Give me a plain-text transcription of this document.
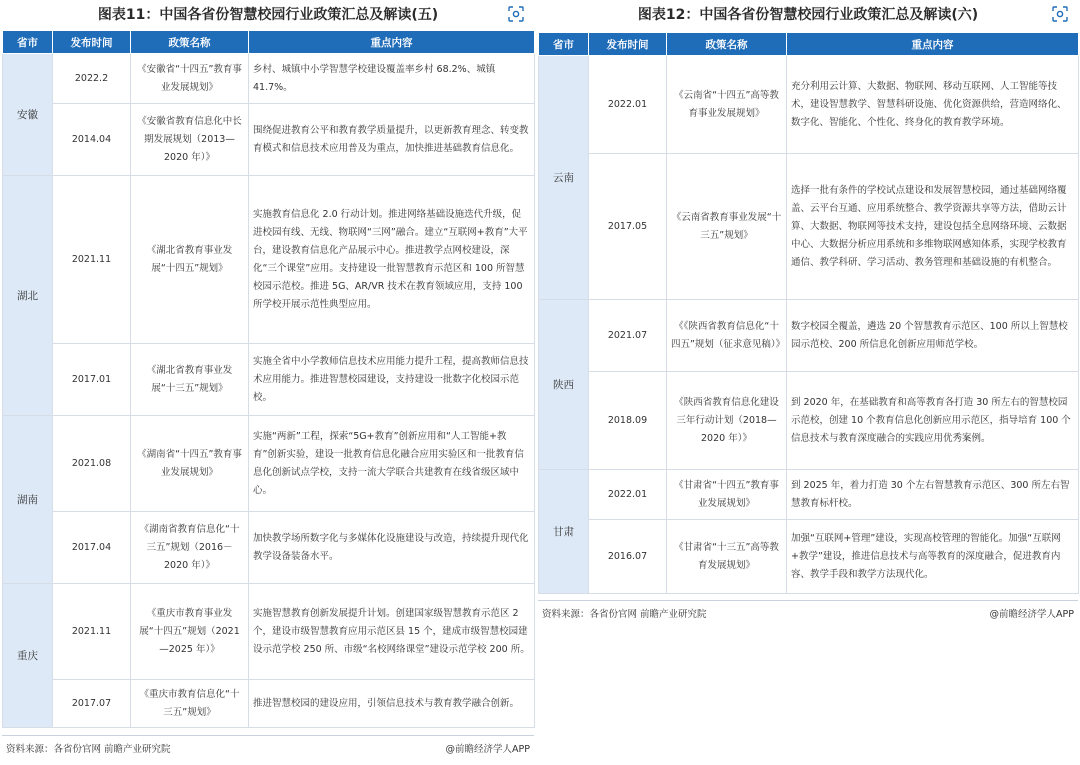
图表11：中国各省份智慧校园行业政策汇总及解读(五)
省市	发布时间	政策名称	重点内容
安徽	2022.2	《安徽省“十四五”教育事业发展规划》	乡村、城镇中小学智慧学校建设覆盖率乡村 68.2%、城镇 41.7%。
	2014.04	《安徽省教育信息化中长期发展规划（2013—2020 年）》	围绕促进教育公平和教育教学质量提升，以更新教育理念、转变教育模式和信息技术应用普及为重点，加快推进基础教育信息化。
湖北	2021.11	《湖北省教育事业发展“十四五”规划》	实施教育信息化 2.0 行动计划。推进网络基础设施迭代升级，促进校园有线、无线、物联网“三网”融合。建立“互联网+教育”大平台，建设教育信息化产品展示中心。推进教学点网校建设，深化“三个课堂”应用。支持建设一批智慧教育示范区和 100 所智慧校园示范校。推进 5G、AR/VR 技术在教育领域应用，支持 100 所学校开展示范性典型应用。
	2017.01	《湖北省教育事业发展“十三五”规划》	实施全省中小学教师信息技术应用能力提升工程，提高教师信息技术应用能力。推进智慧校园建设，支持建设一批数字化校园示范校。
湖南	2021.08	《湖南省“十四五”教育事业发展规划》	实施“两新”工程，探索“5G+教育”创新应用和“人工智能+教育”创新实验，建设一批教育信息化融合应用实验区和一批教育信息化创新试点学校，支持一流大学联合共建教育在线省级区域中心。
	2017.04	《湖南省教育信息化“十三五”规划（2016－2020 年）》	加快教学场所数字化与多媒体化设施建设与改造，持续提升现代化教学设备装备水平。
重庆	2021.11	《重庆市教育事业发展“十四五”规划（2021—2025 年）》	实施智慧教育创新发展提升计划。创建国家级智慧教育示范区 2 个，建设市级智慧教育应用示范区县 15 个，建成市级智慧校园建设示范学校 250 所、市级“名校网络课堂”建设示范学校 200 所。
	2017.07	《重庆市教育信息化“十三五”规划》	推进智慧校园的建设应用，引领信息技术与教育教学融合创新。
资料来源：各省份官网 前瞻产业研究院	@前瞻经济学人APP
图表12：中国各省份智慧校园行业政策汇总及解读(六)
省市	发布时间	政策名称	重点内容
云南	2022.01	《云南省“十四五”高等教育事业发展规划》	充分利用云计算、大数据、物联网、移动互联网、人工智能等技术，建设智慧教学、智慧科研设施、优化资源供给，营造网络化、数字化、智能化、个性化、终身化的教育教学环境。
	2017.05	《云南省教育事业发展“十三五”规划》	选择一批有条件的学校试点建设和发展智慧校园，通过基础网络覆盖、云平台互通、应用系统整合、教学资源共享等方法，借助云计算、大数据、物联网等技术支持，建设包括全息网络环境、云数据中心、大数据分析应用系统和多维物联网感知体系，实现学校教育通信、教学科研、学习活动、教务管理和基础设施的有机整合。
陕西	2021.07	《《陕西省教育信息化“十四五”规划（征求意见稿）》	数字校园全覆盖，遴选 20 个智慧教育示范区、100 所以上智慧校园示范校、200 所信息化创新应用师范学校。
	2018.09	《陕西省教育信息化建设三年行动计划（2018—2020 年）》	到 2020 年，在基础教育和高等教育各打造 30 所左右的智慧校园示范校，创建 10 个教育信息化创新应用示范区，指导培育 100 个信息技术与教育深度融合的实践应用优秀案例。
甘肃	2022.01	《甘肃省“十四五”教育事业发展规划》	到 2025 年，着力打造 30 个左右智慧教育示范区、300 所左右智慧教育标杆校。
	2016.07	《甘肃省“十三五”高等教育发展规划》	加强“互联网+管理”建设，实现高校管理的智能化。加强“互联网+教学”建设，推进信息技术与高等教育的深度融合，促进教育内容、教学手段和教学方法现代化。
资料来源：各省份官网 前瞻产业研究院	@前瞻经济学人APP
